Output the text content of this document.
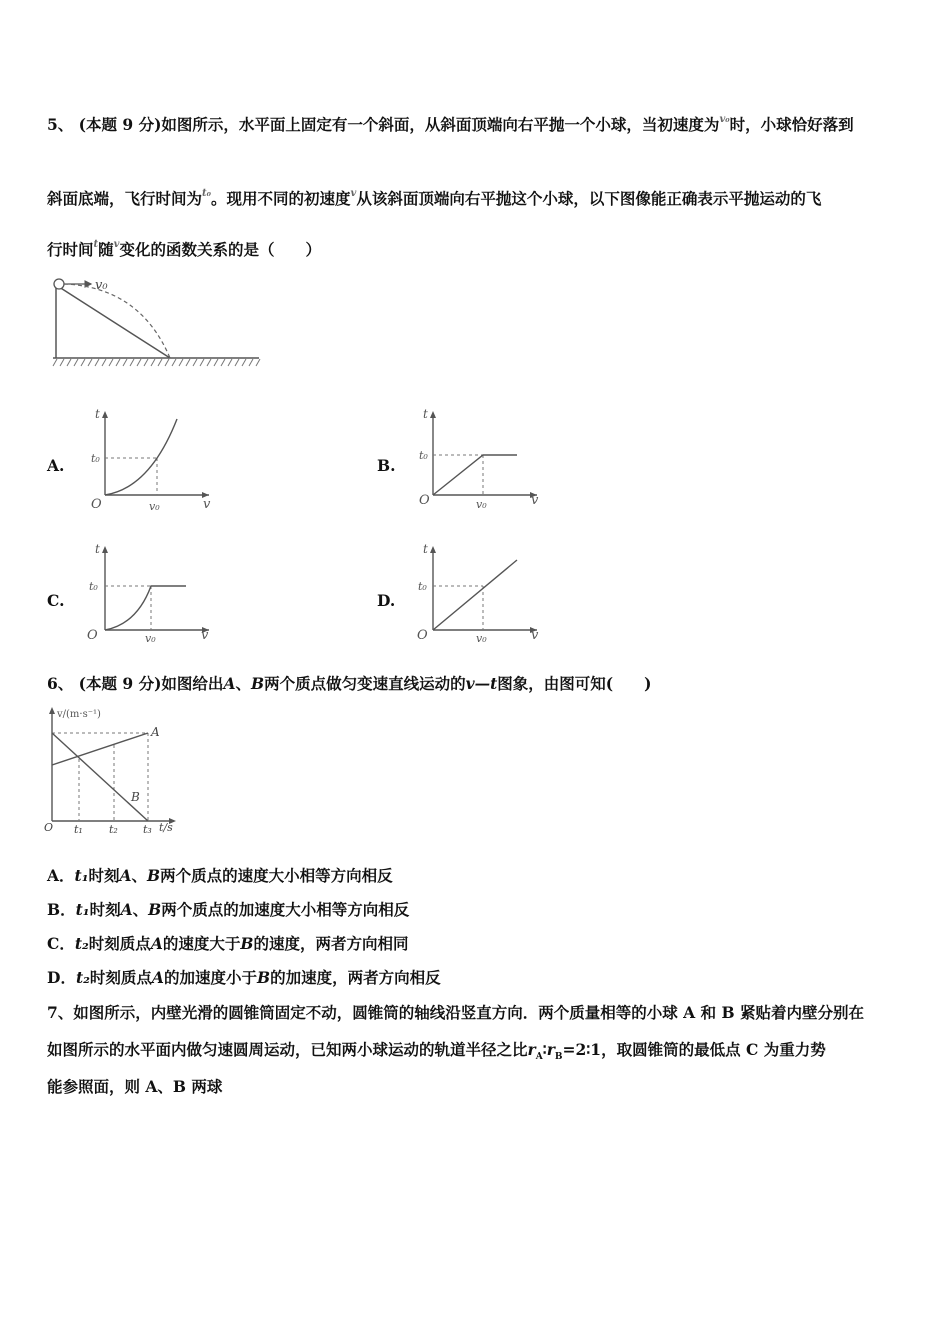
5、 (本题 9 分)如图所示，水平面上固定有一个斜面，从斜面顶端向右平抛一个小球，当初速度为$^{v_0}$时，小球恰好落到
斜面底端，飞行时间为$^{t_0}$。现用不同的初速度$^v$从该斜面顶端向右平抛这个小球，以下图像能正确表示平抛运动的飞
行时间$^t$随$^v$变化的函数关系的是（　　）
v₀
A.	B.
C.	D.
t
t₀
O	v₀	v
t
t₀
O	v₀	v
t
t₀
O	v₀	v
t
t₀
O	v₀	v
6、 (本题 9 分)如图给出A、B两个质点做匀变速直线运动的v—t图象，由图可知(　　)
v/(m·s⁻¹)
A
B
O t₁ t₂ t₃ t/s
A．t₁时刻A、B两个质点的速度大小相等方向相反
B．t₁时刻A、B两个质点的加速度大小相等方向相反
C．t₂时刻质点A的速度大于B的速度，两者方向相同
D．t₂时刻质点A的加速度小于B的加速度，两者方向相反
7、如图所示，内壁光滑的圆锥筒固定不动，圆锥筒的轴线沿竖直方向．两个质量相等的小球 A 和 B 紧贴着内壁分别在
如图所示的水平面内做匀速圆周运动，已知两小球运动的轨道半径之比$r_A∶r_B=2∶1$，取圆锥筒的最低点 C 为重力势
能参照面，则 A、B 两球
